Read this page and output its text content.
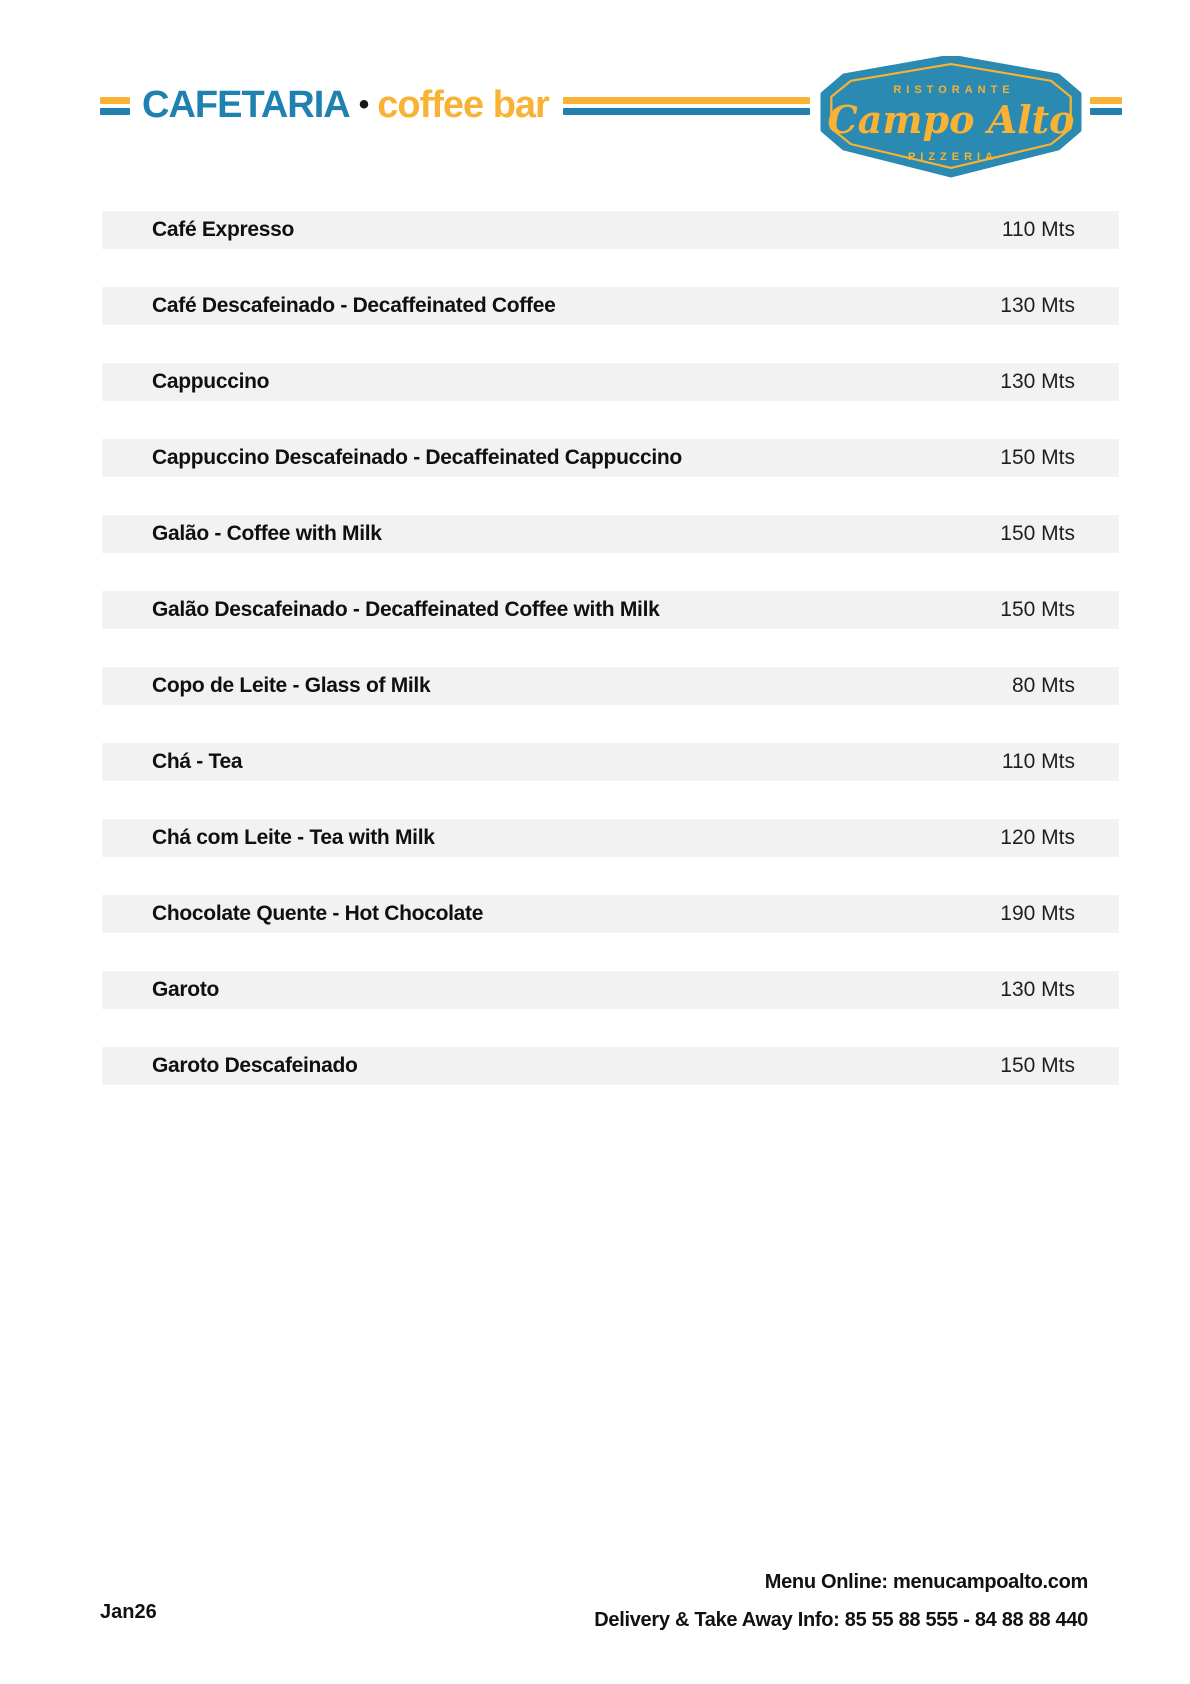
CAFETARIA • coffee bar	RISTORANTE
Campo Alto
PIZZERIA
Café Expresso	110 Mts
Café Descafeinado - Decaffeinated Coffee	130 Mts
Cappuccino	130 Mts
Cappuccino Descafeinado - Decaffeinated Cappuccino	150 Mts
Galão - Coffee with Milk	150 Mts
Galão Descafeinado - Decaffeinated Coffee with Milk	150 Mts
Copo de Leite - Glass of Milk	80 Mts
Chá - Tea	110 Mts
Chá com Leite - Tea with Milk	120 Mts
Chocolate Quente - Hot Chocolate	190 Mts
Garoto	130 Mts
Garoto Descafeinado	150 Mts
Jan26
Menu Online: menucampoalto.com
Delivery & Take Away Info: 85 55 88 555 - 84 88 88 440
